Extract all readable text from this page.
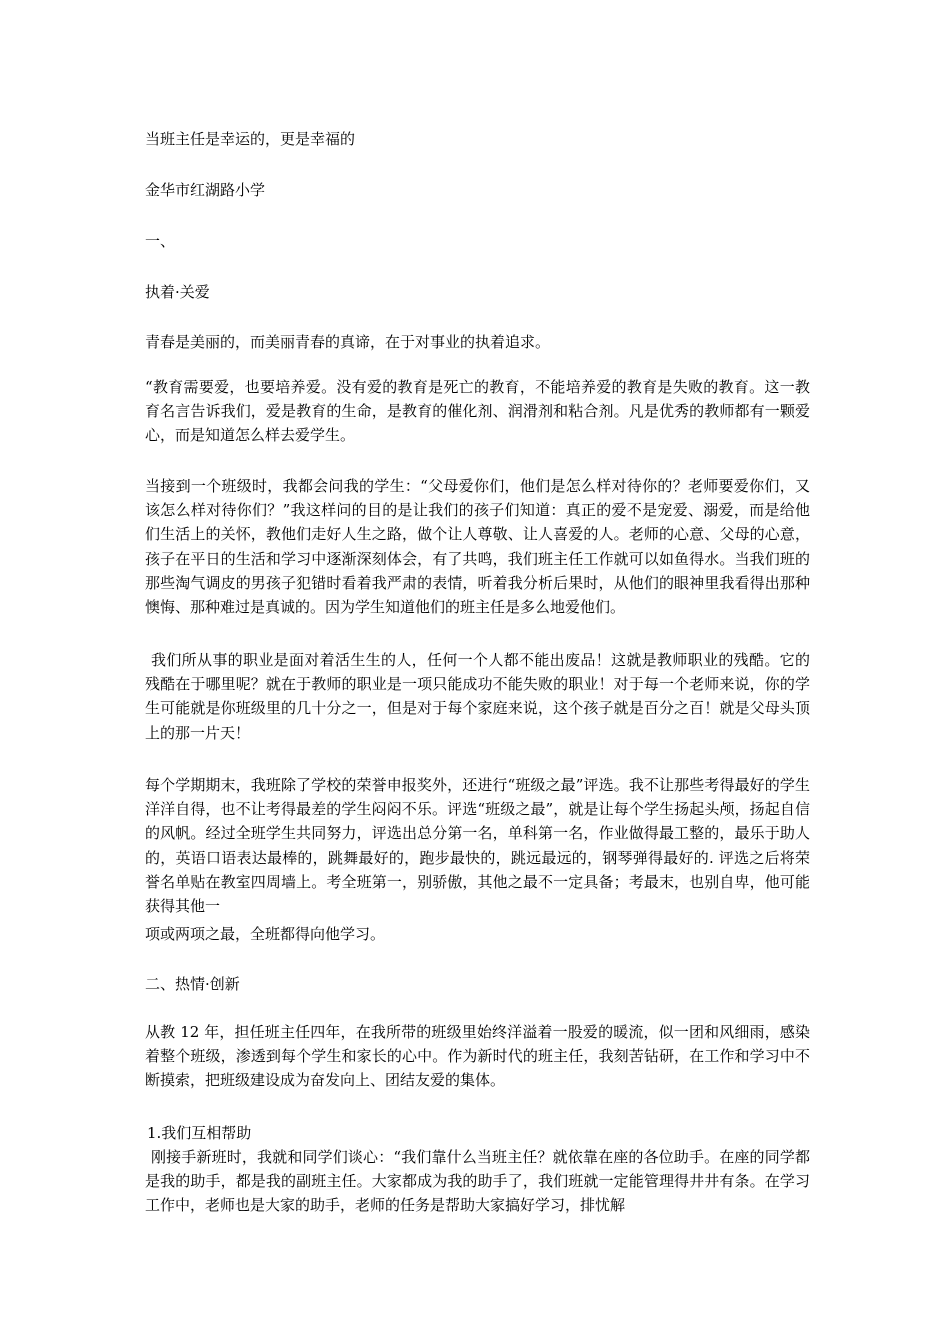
当班主任是幸运的，更是幸福的
金华市红湖路小学
一、
执着·关爱
青春是美丽的，而美丽青春的真谛，在于对事业的执着追求。

“教育需要爱，也要培养爱。没有爱的教育是死亡的教育，不能培养爱的教育是失败的教育。这一教育名言告诉我们，爱是教育的生命，是教育的催化剂、润滑剂和粘合剂。凡是优秀的教师都有一颗爱心，而是知道怎么样去爱学生。

当接到一个班级时，我都会问我的学生：“父母爱你们，他们是怎么样对待你的？老师要爱你们，又该怎么样对待你们？”我这样问的目的是让我们的孩子们知道：真正的爱不是宠爱、溺爱，而是给他们生活上的关怀，教他们走好人生之路，做个让人尊敬、让人喜爱的人。老师的心意、父母的心意，孩子在平日的生活和学习中逐渐深刻体会，有了共鸣，我们班主任工作就可以如鱼得水。当我们班的那些淘气调皮的男孩子犯错时看着我严肃的表情，听着我分析后果时，从他们的眼神里我看得出那种懊悔、那种难过是真诚的。因为学生知道他们的班主任是多么地爱他们。

我们所从事的职业是面对着活生生的人，任何一个人都不能出废品！这就是教师职业的残酷。它的残酷在于哪里呢？就在于教师的职业是一项只能成功不能失败的职业！对于每一个老师来说，你的学生可能就是你班级里的几十分之一，但是对于每个家庭来说，这个孩子就是百分之百！就是父母头顶上的那一片天！

每个学期期末，我班除了学校的荣誉申报奖外，还进行“班级之最”评选。我不让那些考得最好的学生洋洋自得，也不让考得最差的学生闷闷不乐。评选“班级之最”，就是让每个学生扬起头颅，扬起自信的风帆。经过全班学生共同努力，评选出总分第一名，单科第一名，作业做得最工整的，最乐于助人的，英语口语表达最棒的，跳舞最好的，跑步最快的，跳远最远的，钢琴弹得最好的. 评选之后将荣誉名单贴在教室四周墙上。考全班第一，别骄傲，其他之最不一定具备；考最末，也别自卑，他可能获得其他一

项或两项之最，全班都得向他学习。
二、热情·创新

从教 12 年，担任班主任四年，在我所带的班级里始终洋溢着一股爱的暖流，似一团和风细雨，感染着整个班级，渗透到每个学生和家长的心中。作为新时代的班主任，我刻苦钻研，在工作和学习中不断摸索，把班级建设成为奋发向上、团结友爱的集体。

1.我们互相帮助

刚接手新班时，我就和同学们谈心：“我们靠什么当班主任？就依靠在座的各位助手。在座的同学都是我的助手，都是我的副班主任。大家都成为我的助手了，我们班就一定能管理得井井有条。在学习工作中，老师也是大家的助手，老师的任务是帮助大家搞好学习，排忧解
